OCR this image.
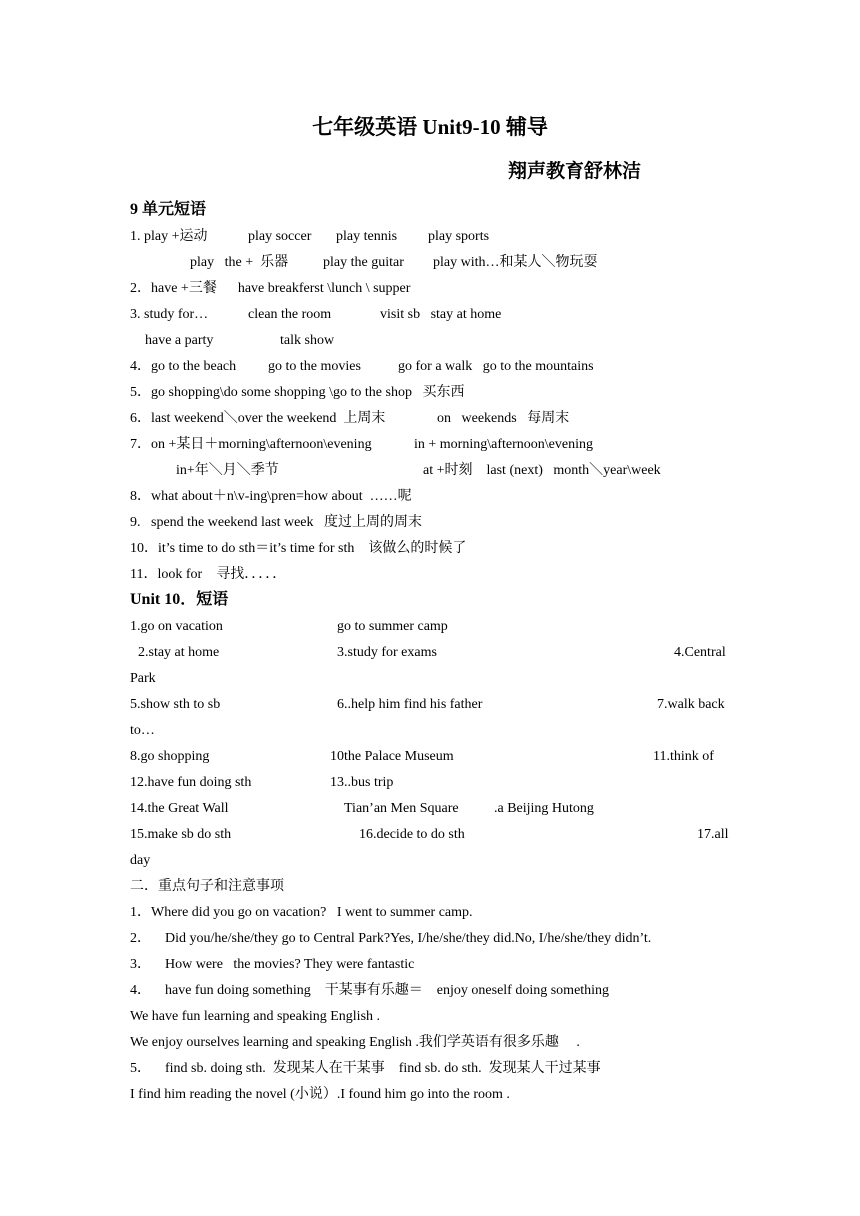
七年级英语 Unit9-10 辅导
翔声教育舒林洁
9 单元短语
1. play +运动	play soccer play tennis play sports
play   the +  乐器 play the guitar play with…和某人＼物玩耍
2．have +三餐      have breakferst \lunch \ supper
3. study for…	clean the room	visit sb   stay at home
have a party	talk show
4．go to the beach go to the movies	go for a walk   go to the mountains
5．go shopping\do some shopping \go to the shop   买东西
6．last weekend＼over the weekend  上周末	on   weekends   每周末
7．on +某日＋morning\afternoon\evening	in + morning\afternoon\evening
in+年＼月＼季节	at +时刻    last (next)   month＼year\week
8．what about＋n\v-ing\pren=how about  ……呢
9.   spend the weekend last week   度过上周的周末
10．it’s time to do sth＝it’s time for sth    该做么的时候了
11．look for    寻找．．．．．
Unit 10．短语
1.go on vacation	go to summer camp
2.stay at home	3.study for exams	4.Central
Park
5.show sth to sb	6..help him find his father	7.walk back
to…
8.go shopping	10the Palace Museum	11.think of
12.have fun doing sth	13..bus trip
14.the Great Wall	Tian’an Men Square	.a Beijing Hutong
15.make sb do sth	16.decide to do sth	17.all
day
二．重点句子和注意事项
1．Where did you go on vacation?   I went to summer camp.
2．    Did you/he/she/they go to Central Park?Yes, I/he/she/they did.No, I/he/she/they didn’t.
3．    How were   the movies? They were fantastic
4．    have fun doing something    干某事有乐趣＝    enjoy oneself doing something
We have fun learning and speaking English .
We enjoy ourselves learning and speaking English .我们学英语有很多乐趣     .
5．    find sb. doing sth.  发现某人在干某事    find sb. do sth.  发现某人干过某事
I find him reading the novel (小说）.I found him go into the room .
